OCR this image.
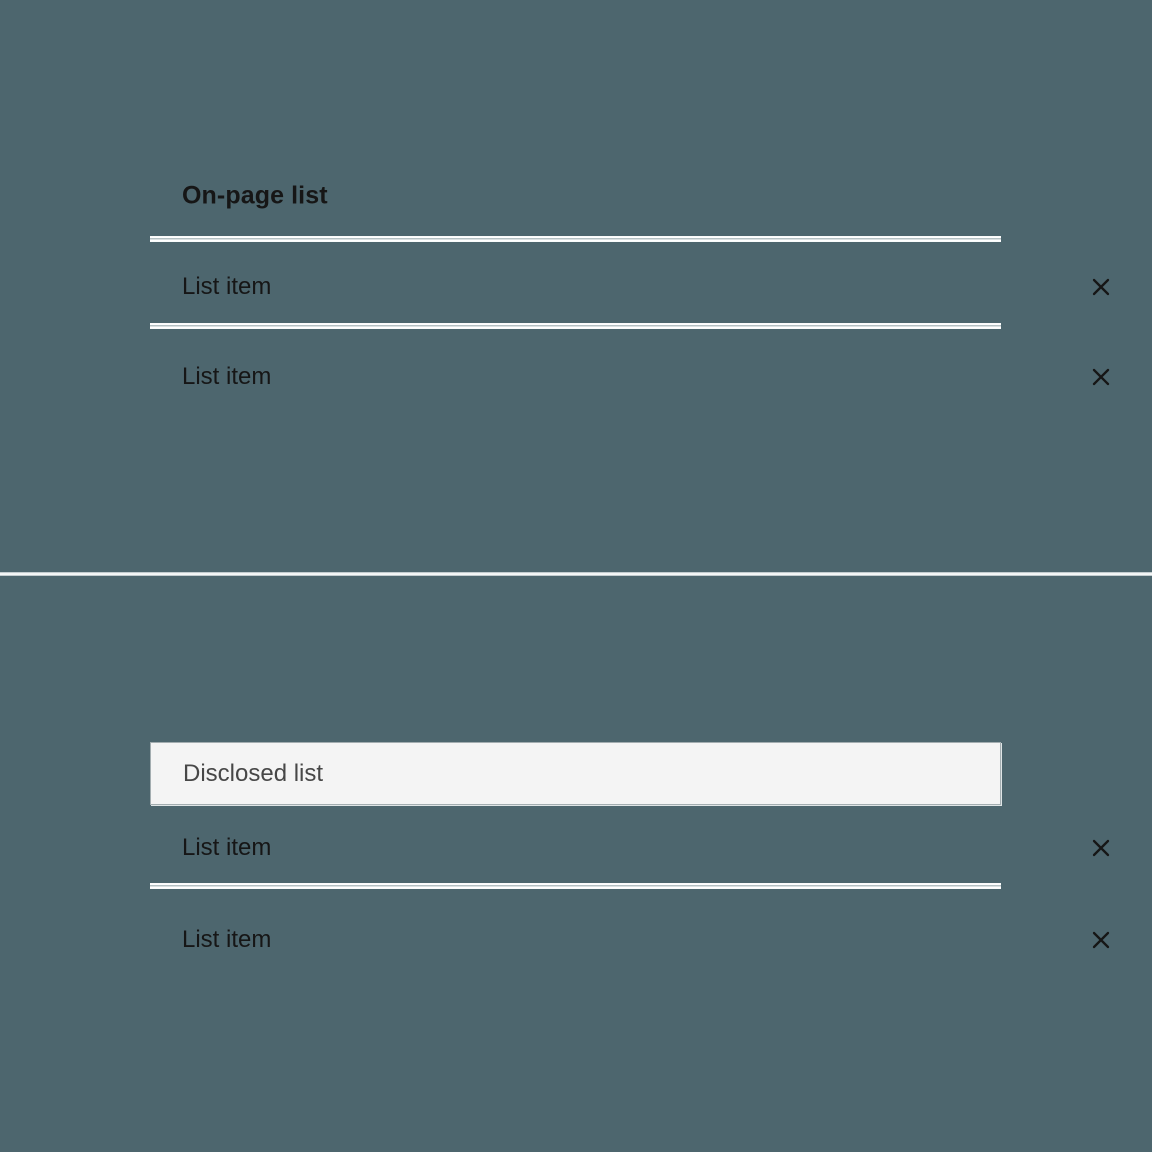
On-page list
List item
List item
Disclosed list
List item
List item
